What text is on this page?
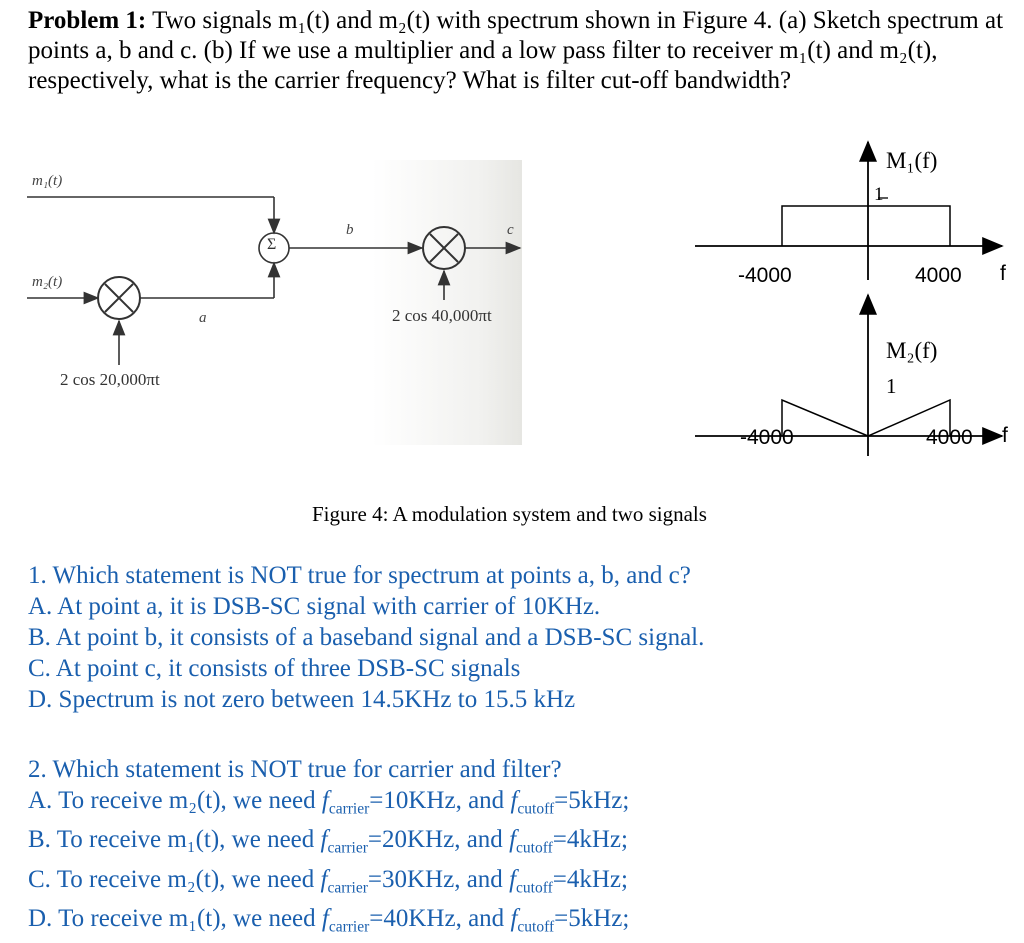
Problem 1: Two signals m₁(t) and m₂(t) with spectrum shown in Figure 4. (a) Sketch spectrum at points a, b and c. (b) If we use a multiplier and a low pass filter to receiver m₁(t) and m₂(t), respectively, what is the carrier frequency? What is filter cut-off bandwidth?
m₁(t)
m₂(t)
Σ
a
b	c
2 cos 20,000πt
2 cos 40,000πt
M₁(f)
1
-4000	4000 f
M₂(f)
1
-4000	4000 f
Figure 4: A modulation system and two signals
1. Which statement is NOT true for spectrum at points a, b, and c?
A. At point a, it is DSB-SC signal with carrier of 10KHz.
B. At point b, it consists of a baseband signal and a DSB-SC signal.
C. At point c, it consists of three DSB-SC signals
D. Spectrum is not zero between 14.5KHz to 15.5 kHz
2. Which statement is NOT true for carrier and filter?
A. To receive m₂(t), we need $f_{carrier}=10KHz$, and $f_{cutoff}=5kHz$;
B. To receive m₁(t), we need $f_{carrier}=20KHz$, and $f_{cutoff}=4kHz$;
C. To receive m₂(t), we need $f_{carrier}=30KHz$, and $f_{cutoff}=4kHz$;
D. To receive m₁(t), we need $f_{carrier}=40KHz$, and $f_{cutoff}=5kHz$;
